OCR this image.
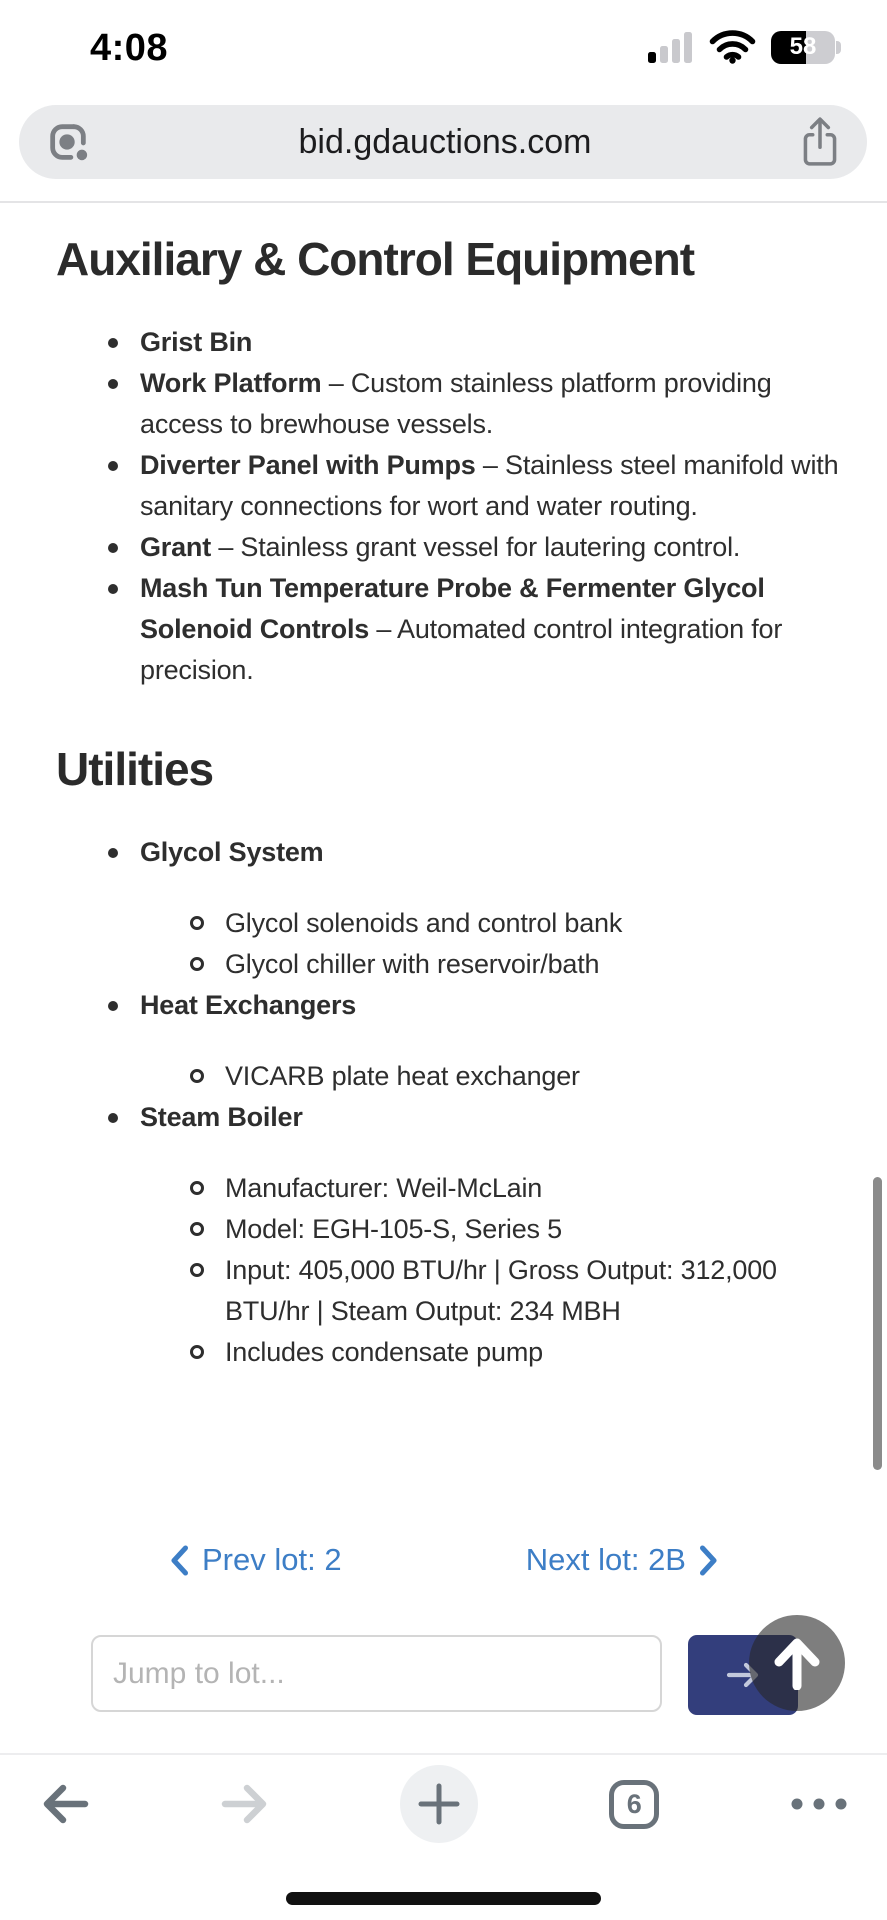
4:08	58
bid.gdauctions.com
Auxiliary & Control Equipment
Grist Bin
Work Platform – Custom stainless platform providing access to brewhouse vessels.
Diverter Panel with Pumps – Stainless steel manifold with sanitary connections for wort and water routing.
Grant – Stainless grant vessel for lautering control.
Mash Tun Temperature Probe & Fermenter Glycol Solenoid Controls – Automated control integration for precision.
Utilities
Glycol System
Glycol solenoids and control bank
Glycol chiller with reservoir/bath
Heat Exchangers
VICARB plate heat exchanger
Steam Boiler
Manufacturer: Weil-McLain
Model: EGH-105-S, Series 5
Input: 405,000 BTU/hr | Gross Output: 312,000 BTU/hr | Steam Output: 234 MBH
Includes condensate pump
Prev lot: 2	Next lot: 2B
Jump to lot...
6
